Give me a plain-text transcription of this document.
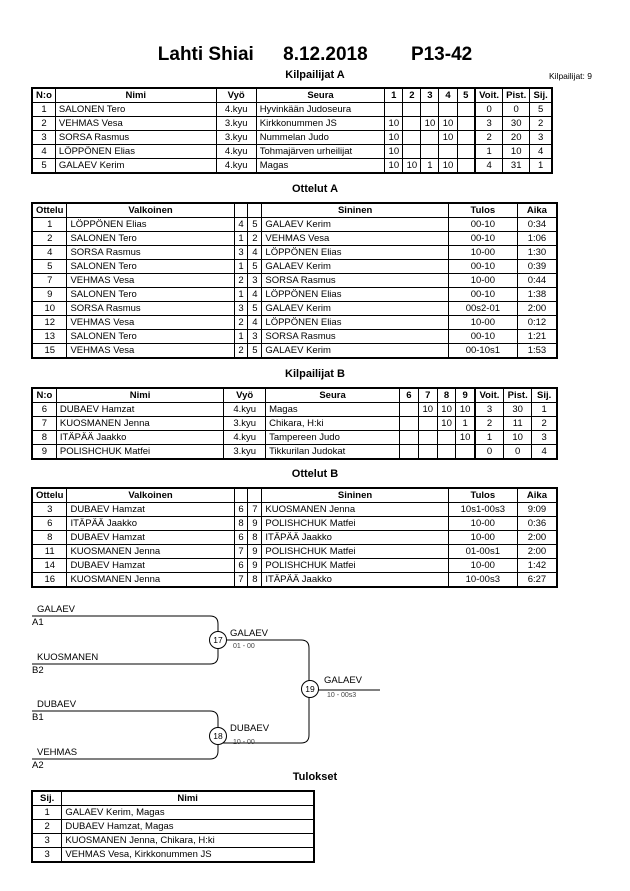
Lahti Shiai 8.12.2018 P13-42
Kilpailijat A	Kilpailijat: 9
N:o	Nimi	Vyö	Seura	1	2	3	4	5	Voit.	Pist.	Sij.
1	SALONEN Tero	4.kyu	Hyvinkään Judoseura						0	0	5
2	VEHMAS Vesa	3.kyu	Kirkkonummen JS	10		10	10		3	30	2
3	SORSA Rasmus	3.kyu	Nummelan Judo	10			10		2	20	3
4	LÖPPÖNEN Elias	4.kyu	Tohmajärven urheilijat	10					1	10	4
5	GALAEV Kerim	4.kyu	Magas	10	10	1	10		4	31	1
Ottelut A
Ottelu	Valkoinen			Sininen	Tulos	Aika
1	LÖPPÖNEN Elias	4	5	GALAEV Kerim	00-10	0:34
2	SALONEN Tero	1	2	VEHMAS Vesa	00-10	1:06
4	SORSA Rasmus	3	4	LÖPPÖNEN Elias	10-00	1:30
5	SALONEN Tero	1	5	GALAEV Kerim	00-10	0:39
7	VEHMAS Vesa	2	3	SORSA Rasmus	10-00	0:44
9	SALONEN Tero	1	4	LÖPPÖNEN Elias	00-10	1:38
10	SORSA Rasmus	3	5	GALAEV Kerim	00s2-01	2:00
12	VEHMAS Vesa	2	4	LÖPPÖNEN Elias	10-00	0:12
13	SALONEN Tero	1	3	SORSA Rasmus	00-10	1:21
15	VEHMAS Vesa	2	5	GALAEV Kerim	00-10s1	1:53
Kilpailijat B
N:o	Nimi	Vyö	Seura	6	7	8	9	Voit.	Pist.	Sij.
6	DUBAEV Hamzat	4.kyu	Magas		10	10	10	3	30	1
7	KUOSMANEN Jenna	3.kyu	Chikara, H:ki			10	1	2	11	2
8	ITÄPÄÄ Jaakko	4.kyu	Tampereen Judo				10	1	10	3
9	POLISHCHUK Matfei	3.kyu	Tikkurilan Judokat					0	0	4
Ottelut B
Ottelu	Valkoinen			Sininen	Tulos	Aika
3	DUBAEV Hamzat	6	7	KUOSMANEN Jenna	10s1-00s3	9:09
6	ITÄPÄÄ Jaakko	8	9	POLISHCHUK Matfei	10-00	0:36
8	DUBAEV Hamzat	6	8	ITÄPÄÄ Jaakko	10-00	2:00
11	KUOSMANEN Jenna	7	9	POLISHCHUK Matfei	01-00s1	2:00
14	DUBAEV Hamzat	6	9	POLISHCHUK Matfei	10-00	1:42
16	KUOSMANEN Jenna	7	8	ITÄPÄÄ Jaakko	10-00s3	6:27
GALAEV
A1
KUOSMANEN
B2
DUBAEV
B1
VEHMAS
A2
17
GALAEV
01 - 00
18
DUBAEV
10 - 00
19
GALAEV
10 - 00s3
Tulokset
Sij.	Nimi
1	GALAEV Kerim, Magas
2	DUBAEV Hamzat, Magas
3	KUOSMANEN Jenna, Chikara, H:ki
3	VEHMAS Vesa, Kirkkonummen JS
